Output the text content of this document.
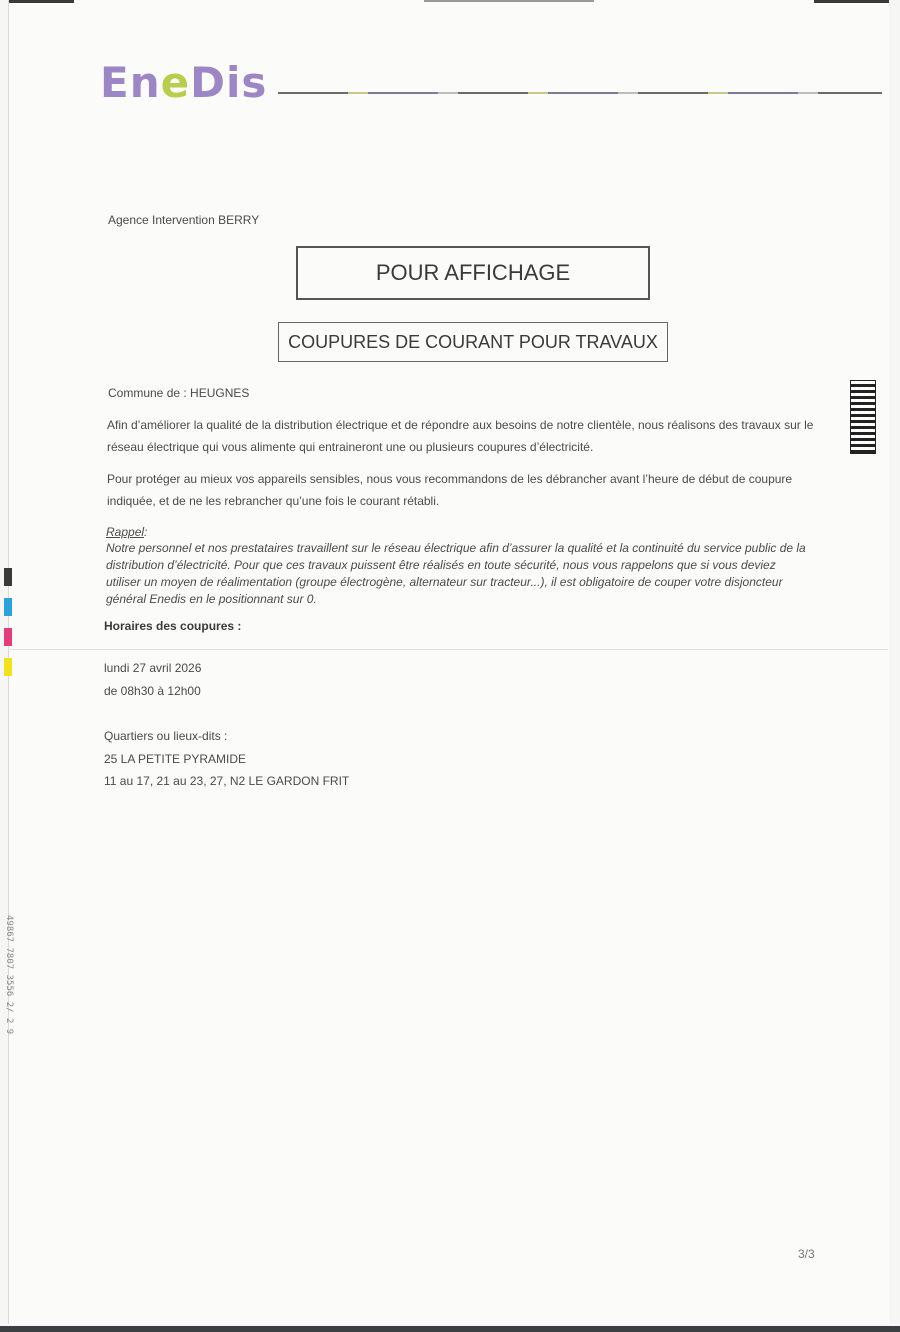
EneDis
Agence Intervention BERRY
POUR AFFICHAGE
COUPURES DE COURANT POUR TRAVAUX
Commune de : HEUGNES
Afin d’améliorer la qualité de la distribution électrique et de répondre aux besoins de notre clientèle, nous réalisons des travaux sur le réseau électrique qui vous alimente qui entraineront une ou plusieurs coupures d’électricité.
Pour protéger au mieux vos appareils sensibles, nous vous recommandons de les débrancher avant l’heure de début de coupure indiquée, et de ne les rebrancher qu’une fois le courant rétabli.
Rappel:
Notre personnel et nos prestataires travaillent sur le réseau électrique afin d’assurer la qualité et la continuité du service public de la distribution d’électricité. Pour que ces travaux puissent être réalisés en toute sécurité, nous vous rappelons que si vous deviez utiliser un moyen de réalimentation (groupe électrogène, alternateur sur tracteur...), il est obligatoire de couper votre disjoncteur général Enedis en le positionnant sur 0.
Horaires des coupures :
lundi 27 avril 2026
de 08h30 à 12h00
Quartiers ou lieux-dits :
25 LA PETITE PYRAMIDE
11 au 17, 21 au 23, 27, N2 LE GARDON FRIT
3/3
49867 7807 3556 2/ 2 9
